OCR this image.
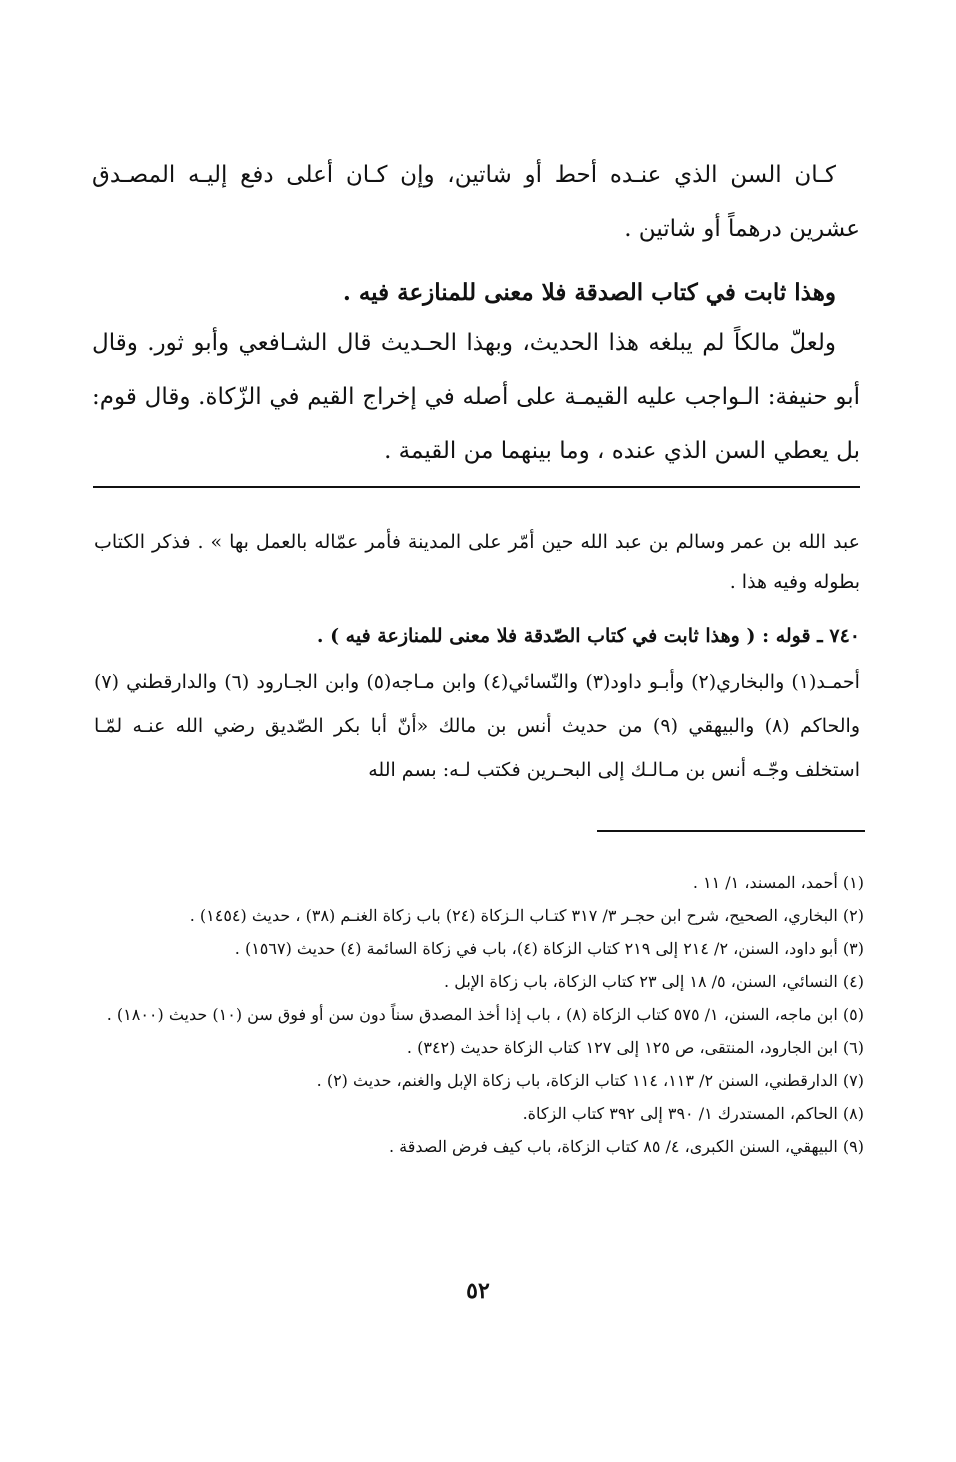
كـان السن الذي عنـده أحط أو شاتين، وإن كـان أعلى دفع إليـه المصـدق عشرين درهماً أو شاتين .

وهذا ثابت في كتاب الصدقة فلا معنى للمنازعة فيه .

ولعلّ مالكاً لم يبلغه هذا الحديث، وبهذا الحـديث قال الشـافعي وأبو ثور. وقال أبو حنيفة: الـواجب عليه القيمـة على أصله في إخراج القيم في الزّكاة. وقال قوم: بل يعطي السن الذي عنده ، وما بينهما من القيمة .

عبد الله بن عمر وسالم بن عبد الله حين أمّر على المدينة فأمر عمّاله بالعمل بها » . فذكر الكتاب بطوله وفيه هذا .

٧٤٠ ـ قوله : ( وهذا ثابت في كتاب الصّدقة فلا معنى للمنازعة فيه ) .

أحمـد(١) والبخاري(٢) وأبـو داود(٣) والنّسائي(٤) وابن مـاجه(٥) وابن الجـارود (٦) والدارقطني (٧) والحاكم (٨) والبيهقي (٩) من حديث أنس بن مالك «أنّ أبا بكر الصّديق رضي الله عنـه لمّـا استخلف وجّـه أنس بن مـالـك إلى البحـرين فكتب لـه: بسم الله

(١) أحمد، المسند، ١/ ١١ .

(٢) البخاري، الصحيح، شرح ابن حجـر ٣/ ٣١٧ كتـاب الـزكاة (٢٤) باب زكاة الغنـم (٣٨) ، حديث (١٤٥٤) .

(٣) أبو داود، السنن، ٢/ ٢١٤ إلى ٢١٩ كتاب الزكاة (٤)، باب في زكاة السائمة (٤) حديث (١٥٦٧) .

(٤) النسائي، السنن، ٥/ ١٨ إلى ٢٣ كتاب الزكاة، باب زكاة الإبل .

(٥) ابن ماجه، السنن، ١/ ٥٧٥ كتاب الزكاة (٨) ، باب إذا أخذ المصدق سناً دون سن أو فوق سن (١٠) حديث (١٨٠٠) .

(٦) ابن الجارود، المنتقى، ص ١٢٥ إلى ١٢٧ كتاب الزكاة حديث (٣٤٢) .

(٧) الدارقطني، السنن ٢/ ١١٣، ١١٤ كتاب الزكاة، باب زكاة الإبل والغنم، حديث (٢) .

(٨) الحاكم، المستدرك ١/ ٣٩٠ إلى ٣٩٢ كتاب الزكاة.

(٩) البيهقي، السنن الكبرى، ٤/ ٨٥ كتاب الزكاة، باب كيف فرض الصدقة .

٥٢
